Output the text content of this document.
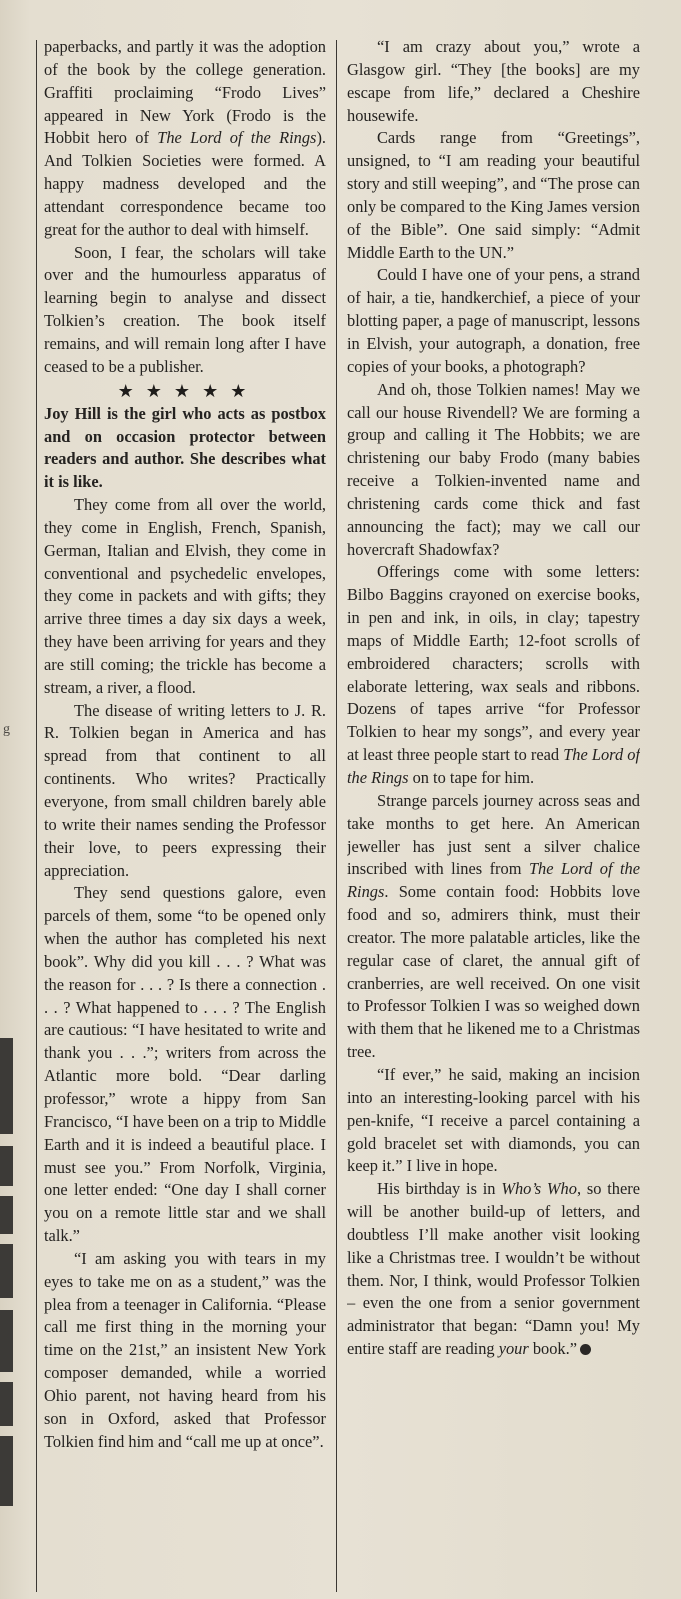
g

paperbacks, and partly it was the adoption of the book by the college generation. Graffiti proclaiming “Frodo Lives” appeared in New York (Frodo is the Hobbit hero of The Lord of the Rings). And Tolkien Societies were formed. A happy madness developed and the attendant correspondence became too great for the author to deal with himself.

Soon, I fear, the scholars will take over and the humourless apparatus of learning begin to analyse and dissect Tolkien’s creation. The book itself remains, and will remain long after I have ceased to be a publisher.

★★★★★

Joy Hill is the girl who acts as postbox and on occasion protector between readers and author. She describes what it is like.

They come from all over the world, they come in English, French, Spanish, German, Italian and Elvish, they come in conventional and psychedelic envelopes, they come in packets and with gifts; they arrive three times a day six days a week, they have been arriving for years and they are still coming; the trickle has become a stream, a river, a flood.

The disease of writing letters to J. R. R. Tolkien began in America and has spread from that continent to all continents. Who writes? Practically everyone, from small children barely able to write their names sending the Professor their love, to peers expressing their appreciation.

They send questions galore, even parcels of them, some “to be opened only when the author has completed his next book”. Why did you kill . . . ? What was the reason for . . . ? Is there a connection . . . ? What happened to . . . ? The English are cautious: “I have hesitated to write and thank you . . .”; writers from across the Atlantic more bold. “Dear darling professor,” wrote a hippy from San Francisco, “I have been on a trip to Middle Earth and it is indeed a beautiful place. I must see you.” From Norfolk, Virginia, one letter ended: “One day I shall corner you on a remote little star and we shall talk.”

“I am asking you with tears in my eyes to take me on as a student,” was the plea from a teenager in California. “Please call me first thing in the morning your time on the 21st,” an insistent New York composer demanded, while a worried Ohio parent, not having heard from his son in Oxford, asked that Professor Tolkien find him and “call me up at once”.

“I am crazy about you,” wrote a Glasgow girl. “They [the books] are my escape from life,” declared a Cheshire housewife.

Cards range from “Greetings”, unsigned, to “I am reading your beautiful story and still weeping”, and “The prose can only be compared to the King James version of the Bible”. One said simply: “Admit Middle Earth to the UN.”

Could I have one of your pens, a strand of hair, a tie, handkerchief, a piece of your blotting paper, a page of manuscript, lessons in Elvish, your autograph, a donation, free copies of your books, a photograph?

And oh, those Tolkien names! May we call our house Rivendell? We are forming a group and calling it The Hobbits; we are christening our baby Frodo (many babies receive a Tolkien-invented name and christening cards come thick and fast announcing the fact); may we call our hovercraft Shadowfax?

Offerings come with some letters: Bilbo Baggins crayoned on exercise books, in pen and ink, in oils, in clay; tapestry maps of Middle Earth; 12-foot scrolls of embroidered characters; scrolls with elaborate lettering, wax seals and ribbons. Dozens of tapes arrive “for Professor Tolkien to hear my songs”, and every year at least three people start to read The Lord of the Rings on to tape for him.

Strange parcels journey across seas and take months to get here. An American jeweller has just sent a silver chalice inscribed with lines from The Lord of the Rings. Some contain food: Hobbits love food and so, admirers think, must their creator. The more palatable articles, like the regular case of claret, the annual gift of cranberries, are well received. On one visit to Professor Tolkien I was so weighed down with them that he likened me to a Christmas tree.

“If ever,” he said, making an incision into an interesting-looking parcel with his pen-knife, “I receive a parcel containing a gold bracelet set with diamonds, you can keep it.” I live in hope.

His birthday is in Who’s Who, so there will be another build-up of letters, and doubtless I’ll make another visit looking like a Christmas tree. I wouldn’t be without them. Nor, I think, would Professor Tolkien – even the one from a senior government administrator that began: “Damn you! My entire staff are reading your book.”
